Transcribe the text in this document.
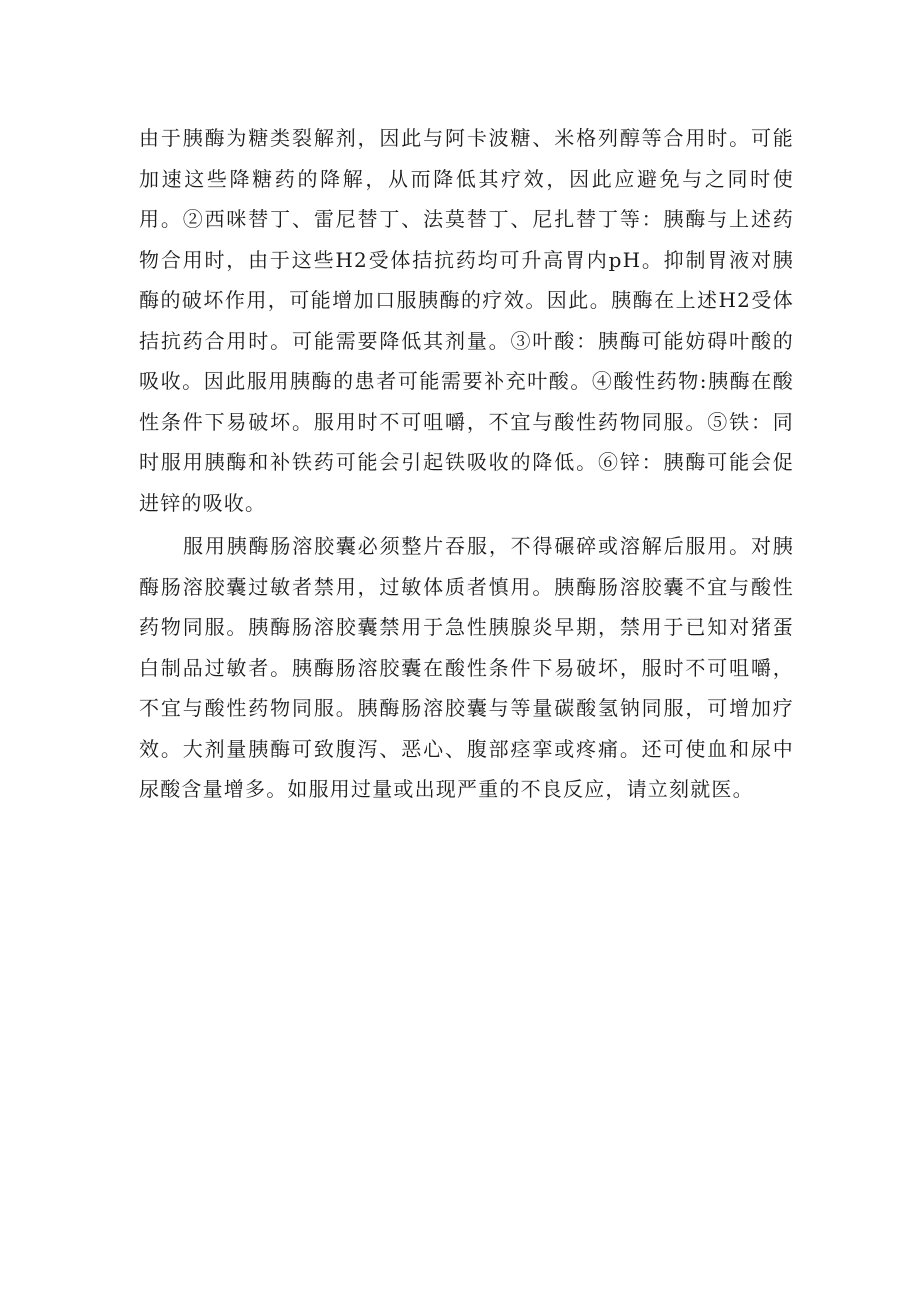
由于胰酶为糖类裂解剂，因此与阿卡波糖、米格列醇等合用时。可能加速这些降糖药的降解，从而降低其疗效，因此应避免与之同时使用。②西咪替丁、雷尼替丁、法莫替丁、尼扎替丁等：胰酶与上述药物合用时，由于这些H2受体拮抗药均可升高胃内pH。抑制胃液对胰酶的破坏作用，可能增加口服胰酶的疗效。因此。胰酶在上述H2受体拮抗药合用时。可能需要降低其剂量。③叶酸：胰酶可能妨碍叶酸的吸收。因此服用胰酶的患者可能需要补充叶酸。④酸性药物:胰酶在酸性条件下易破坏。服用时不可咀嚼，不宜与酸性药物同服。⑤铁：同时服用胰酶和补铁药可能会引起铁吸收的降低。⑥锌：胰酶可能会促进锌的吸收。

服用胰酶肠溶胶囊必须整片吞服，不得碾碎或溶解后服用。对胰酶肠溶胶囊过敏者禁用，过敏体质者慎用。胰酶肠溶胶囊不宜与酸性药物同服。胰酶肠溶胶囊禁用于急性胰腺炎早期，禁用于已知对猪蛋白制品过敏者。胰酶肠溶胶囊在酸性条件下易破坏，服时不可咀嚼，不宜与酸性药物同服。胰酶肠溶胶囊与等量碳酸氢钠同服，可增加疗效。大剂量胰酶可致腹泻、恶心、腹部痉挛或疼痛。还可使血和尿中尿酸含量增多。如服用过量或出现严重的不良反应，请立刻就医。
